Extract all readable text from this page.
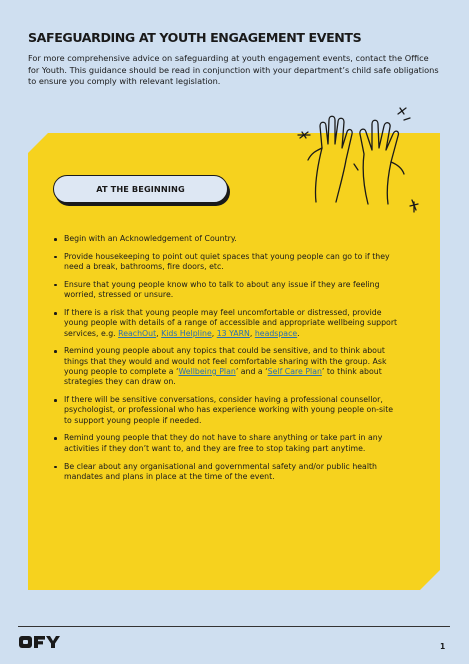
SAFEGUARDING AT YOUTH ENGAGEMENT EVENTS

For more comprehensive advice on safeguarding at youth engagement events, contact the Office for Youth. This guidance should be read in conjunction with your department’s child safe obligations to ensure you comply with relevant legislation.

AT THE BEGINNING
Begin with an Acknowledgement of Country.
Provide housekeeping to point out quiet spaces that young people can go to if they need a break, bathrooms, fire doors, etc.
Ensure that young people know who to talk to about any issue if they are feeling worried, stressed or unsure.
If there is a risk that young people may feel uncomfortable or distressed, provide young people with details of a range of accessible and appropriate wellbeing support services, e.g. ReachOut, Kids Helpline, 13 YARN, headspace.
Remind young people about any topics that could be sensitive, and to think about things that they would and would not feel comfortable sharing with the group. Ask young people to complete a ‘Wellbeing Plan’ and a ‘Self Care Plan’ to think about strategies they can draw on.
If there will be sensitive conversations, consider having a professional counsellor, psychologist, or professional who has experience working with young people on-site to support young people if needed.
Remind young people that they do not have to share anything or take part in any activities if they don’t want to, and they are free to stop taking part anytime.
Be clear about any organisational and governmental safety and/or public health mandates and plans in place at the time of the event.
1
